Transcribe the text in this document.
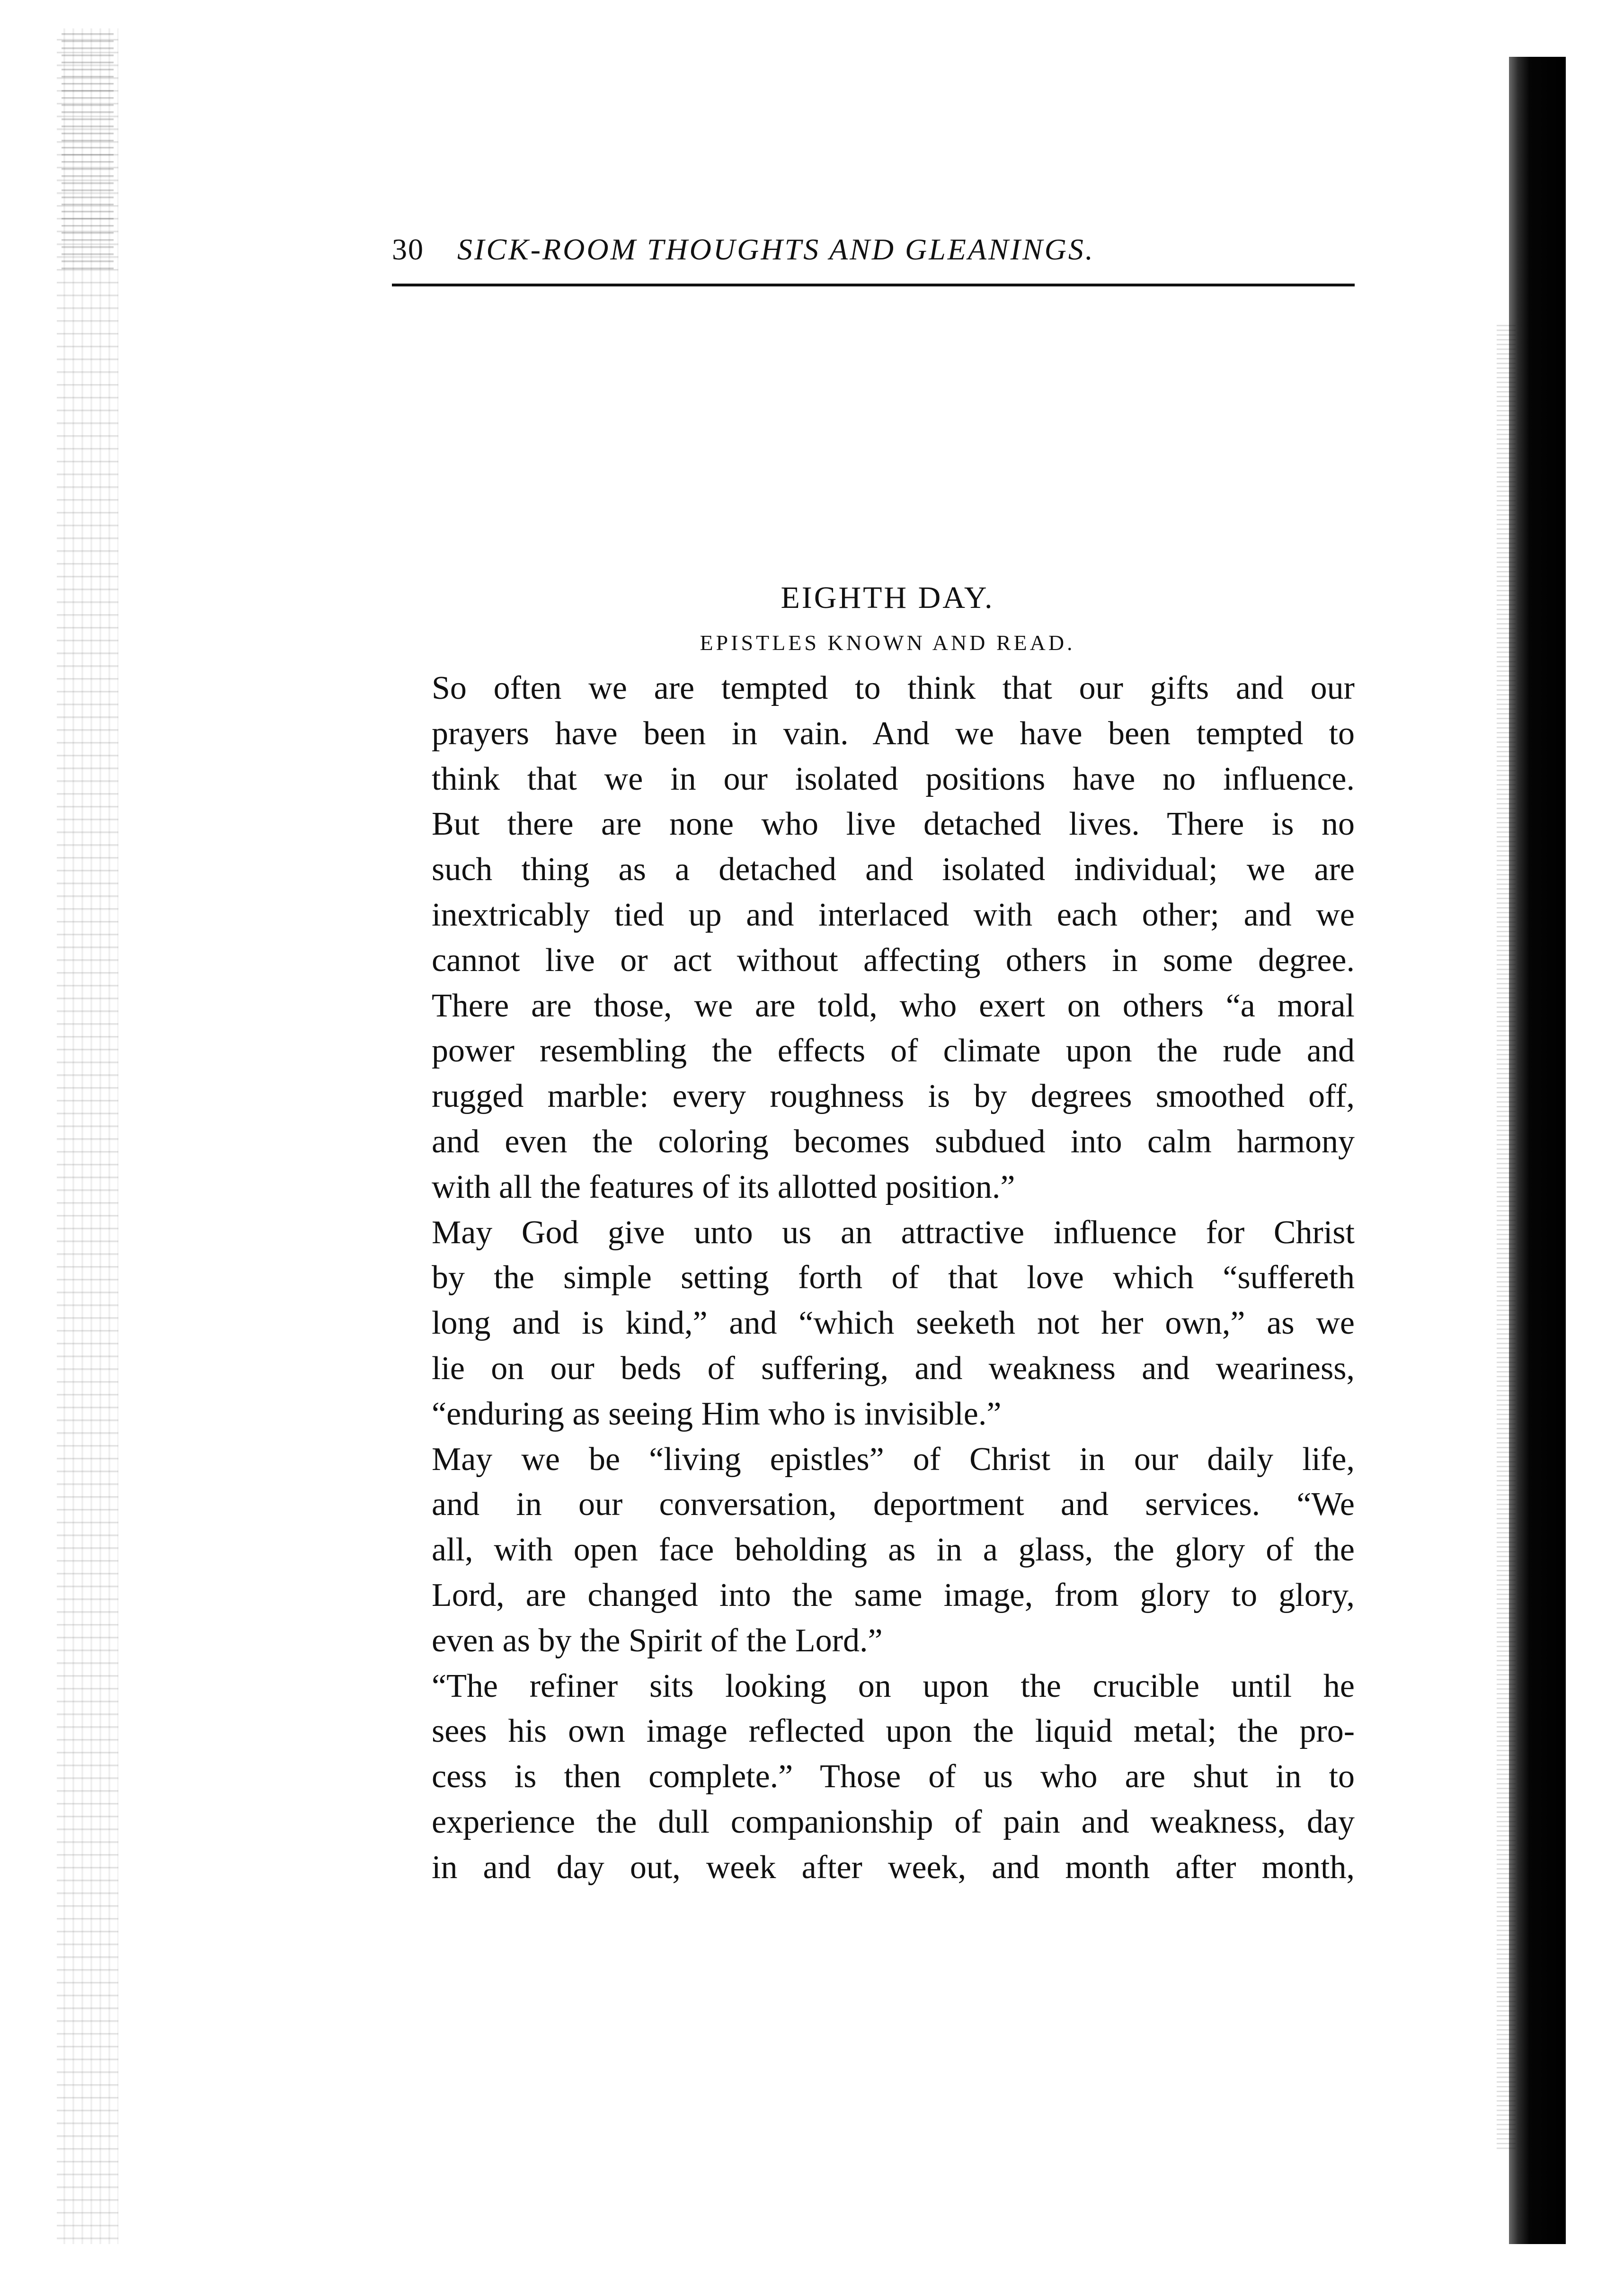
30 SICK-ROOM THOUGHTS AND GLEANINGS.
EIGHTH DAY.
EPISTLES KNOWN AND READ.
So often we are tempted to think that our gifts and our
prayers have been in vain. And we have been tempted to
think that we in our isolated positions have no influence.
But there are none who live detached lives. There is no
such thing as a detached and isolated individual; we are
inextricably tied up and interlaced with each other; and we
cannot live or act without affecting others in some degree.
There are those, we are told, who exert on others “a moral
power resembling the effects of climate upon the rude and
rugged marble: every roughness is by degrees smoothed off,
and even the coloring becomes subdued into calm harmony
with all the features of its allotted position.”
May God give unto us an attractive influence for Christ
by the simple setting forth of that love which “suffereth
long and is kind,” and “which seeketh not her own,” as we
lie on our beds of suffering, and weakness and weariness,
“enduring as seeing Him who is invisible.”
May we be “living epistles” of Christ in our daily life,
and in our conversation, deportment and services. “We
all, with open face beholding as in a glass, the glory of the
Lord, are changed into the same image, from glory to glory,
even as by the Spirit of the Lord.”
“The refiner sits looking on upon the crucible until he
sees his own image reflected upon the liquid metal; the pro-
cess is then complete.” Those of us who are shut in to
experience the dull companionship of pain and weakness, day
in and day out, week after week, and month after month,
